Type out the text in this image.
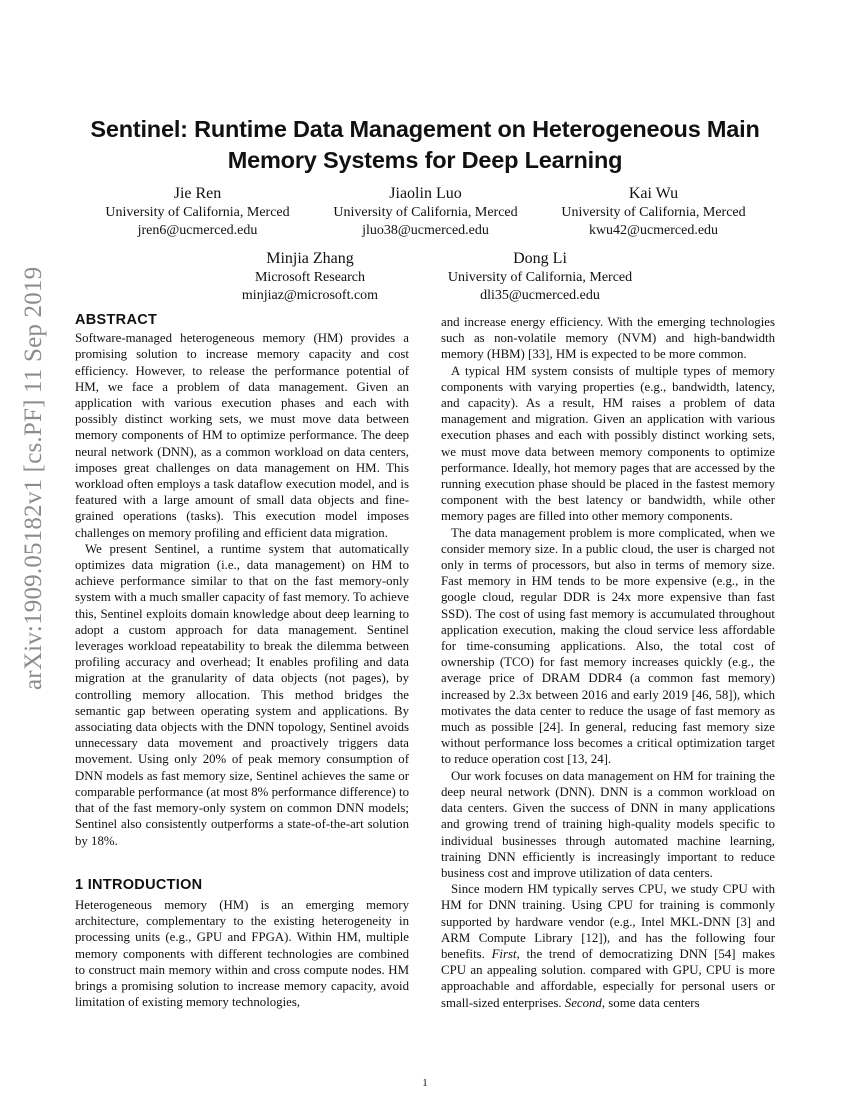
Sentinel: Runtime Data Management on Heterogeneous Main
Memory Systems for Deep Learning
Jie Ren
University of California, Merced
jren6@ucmerced.edu
Jiaolin Luo
University of California, Merced
jluo38@ucmerced.edu
Kai Wu
University of California, Merced
kwu42@ucmerced.edu
Minjia Zhang
Microsoft Research
minjiaz@microsoft.com
Dong Li
University of California, Merced
dli35@ucmerced.edu
arXiv:1909.05182v1 [cs.PF] 11 Sep 2019 ABSTRACT

Software-managed heterogeneous memory (HM) provides a promising solution to increase memory capacity and cost efficiency. However, to release the performance potential of HM, we face a problem of data management. Given an application with various execution phases and each with possibly distinct working sets, we must move data between memory components of HM to optimize performance. The deep neural network (DNN), as a common workload on data centers, imposes great challenges on data management on HM. This workload often employs a task dataflow execution model, and is featured with a large amount of small data objects and fine-grained operations (tasks). This execution model imposes challenges on memory profiling and efficient data migration.

We present Sentinel, a runtime system that automatically optimizes data migration (i.e., data management) on HM to achieve performance similar to that on the fast memory-only system with a much smaller capacity of fast memory. To achieve this, Sentinel exploits domain knowledge about deep learning to adopt a custom approach for data management. Sentinel leverages workload repeatability to break the dilemma between profiling accuracy and overhead; It enables profiling and data migration at the granularity of data objects (not pages), by controlling memory allocation. This method bridges the semantic gap between operating system and applications. By associating data objects with the DNN topology, Sentinel avoids unnecessary data movement and proactively triggers data movement. Using only 20% of peak memory consumption of DNN models as fast memory size, Sentinel achieves the same or comparable performance (at most 8% performance difference) to that of the fast memory-only system on common DNN models; Sentinel also consistently outperforms a state-of-the-art solution by 18%.

1 INTRODUCTION

Heterogeneous memory (HM) is an emerging memory architecture, complementary to the existing heterogeneity in processing units (e.g., GPU and FPGA). Within HM, multiple memory components with different technologies are combined to construct main memory within and cross compute nodes. HM brings a promising solution to increase memory capacity, avoid limitation of existing memory technologies,

and increase energy efficiency. With the emerging technologies such as non-volatile memory (NVM) and high-bandwidth memory (HBM) [33], HM is expected to be more common.

A typical HM system consists of multiple types of memory components with varying properties (e.g., bandwidth, latency, and capacity). As a result, HM raises a problem of data management and migration. Given an application with various execution phases and each with possibly distinct working sets, we must move data between memory components to optimize performance. Ideally, hot memory pages that are accessed by the running execution phase should be placed in the fastest memory component with the best latency or bandwidth, while other memory pages are filled into other memory components.

The data management problem is more complicated, when we consider memory size. In a public cloud, the user is charged not only in terms of processors, but also in terms of memory size. Fast memory in HM tends to be more expensive (e.g., in the google cloud, regular DDR is 24x more expensive than fast SSD). The cost of using fast memory is accumulated throughout application execution, making the cloud service less affordable for time-consuming applications. Also, the total cost of ownership (TCO) for fast memory increases quickly (e.g., the average price of DRAM DDR4 (a common fast memory) increased by 2.3x between 2016 and early 2019 [46, 58]), which motivates the data center to reduce the usage of fast memory as much as possible [24]. In general, reducing fast memory size without performance loss becomes a critical optimization target to reduce operation cost [13, 24].

Our work focuses on data management on HM for training the deep neural network (DNN). DNN is a common workload on data centers. Given the success of DNN in many applications and growing trend of training high-quality models specific to individual businesses through automated machine learning, training DNN efficiently is increasingly important to reduce business cost and improve utilization of data centers.

Since modern HM typically serves CPU, we study CPU with HM for DNN training. Using CPU for training is commonly supported by hardware vendor (e.g., Intel MKL-DNN [3] and ARM Compute Library [12]), and has the following four benefits. First, the trend of democratizing DNN [54] makes CPU an appealing solution. compared with GPU, CPU is more approachable and affordable, especially for personal users or small-sized enterprises. Second, some data centers

1
